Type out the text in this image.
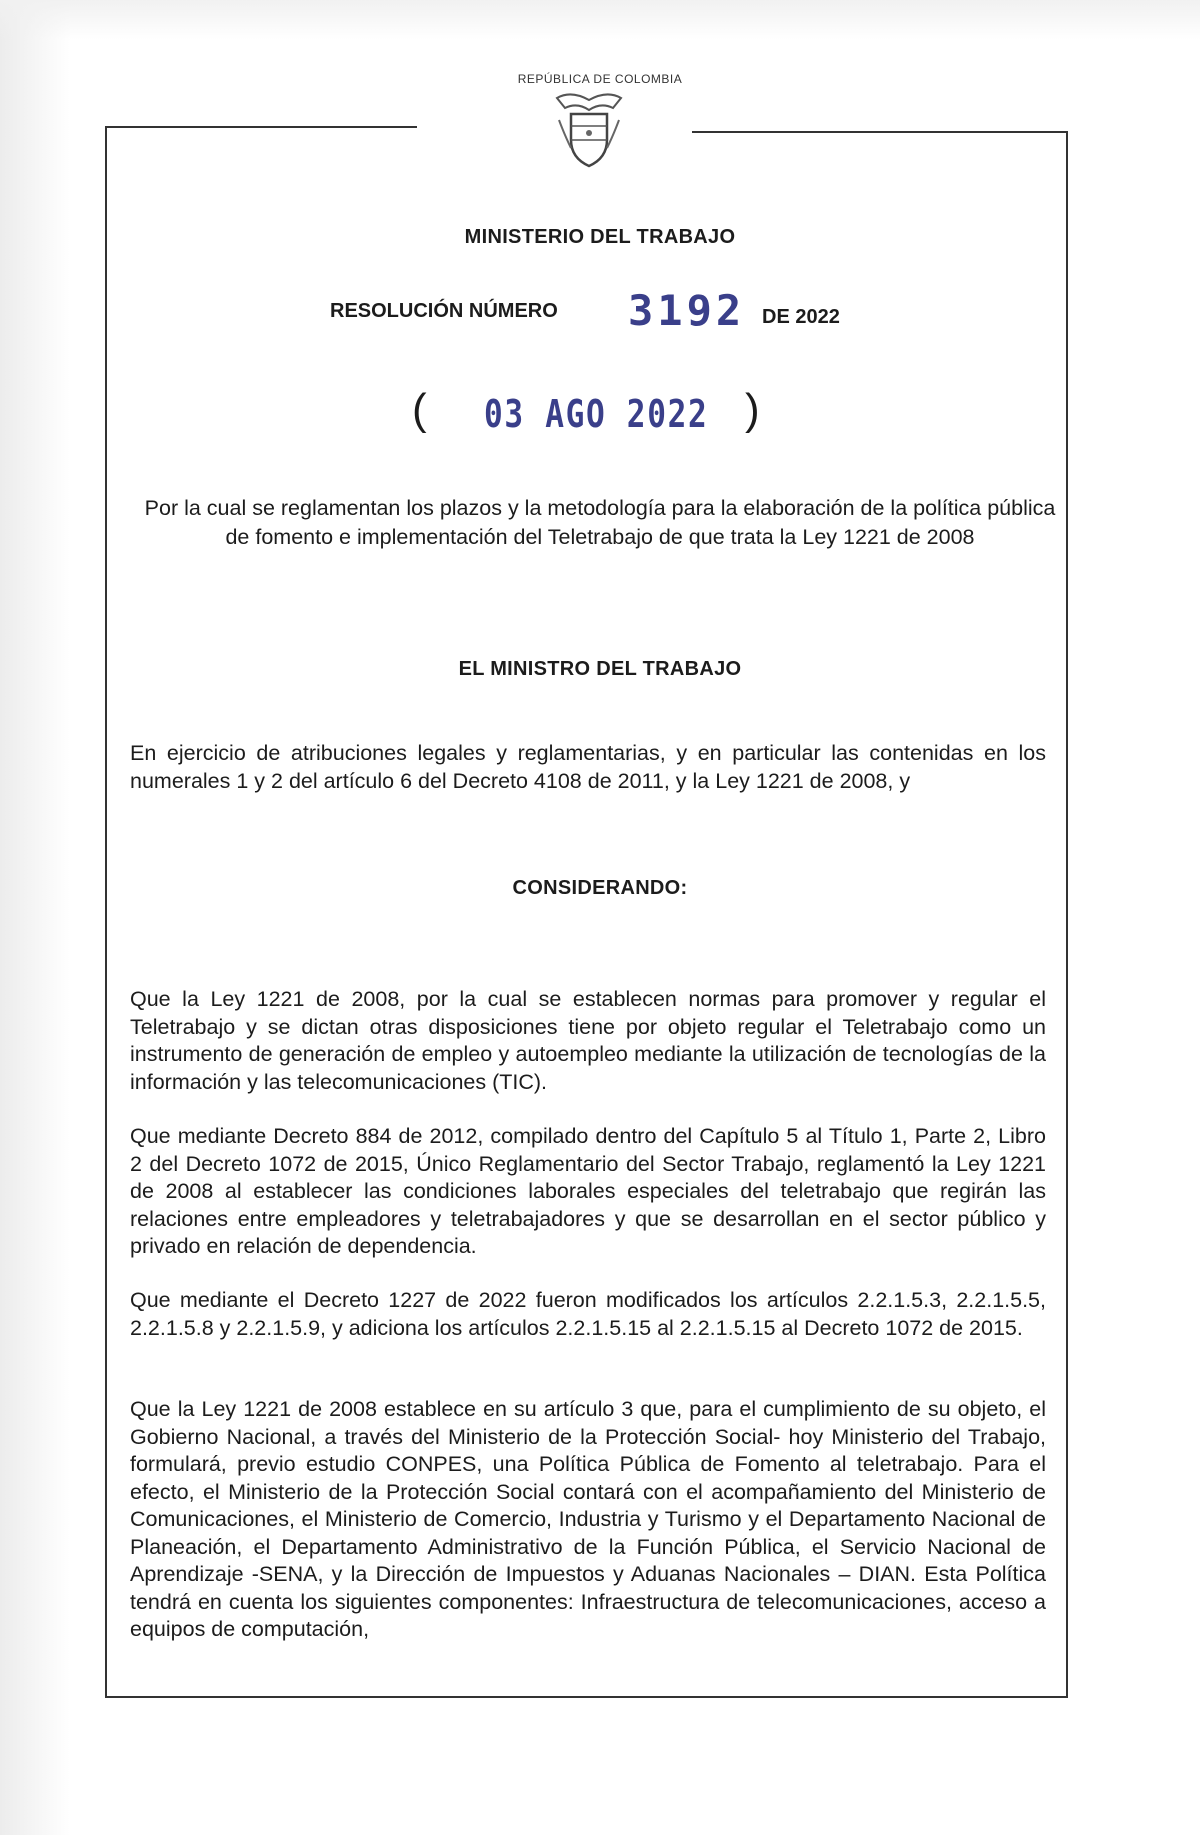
REPÚBLICA DE COLOMBIA
MINISTERIO DEL TRABAJO
RESOLUCIÓN NÚMERO 3192 DE 2022
( 03 AGO 2022 )
Por la cual se reglamentan los plazos y la metodología para la elaboración de la política pública de fomento e implementación del Teletrabajo de que trata la Ley 1221 de 2008
EL MINISTRO DEL TRABAJO
En ejercicio de atribuciones legales y reglamentarias, y en particular las contenidas en los numerales 1 y 2 del artículo 6 del Decreto 4108 de 2011, y la Ley 1221 de 2008, y
CONSIDERANDO:
Que la Ley 1221 de 2008, por la cual se establecen normas para promover y regular el Teletrabajo y se dictan otras disposiciones tiene por objeto regular el Teletrabajo como un instrumento de generación de empleo y autoempleo mediante la utilización de tecnologías de la información y las telecomunicaciones (TIC).
Que mediante Decreto 884 de 2012, compilado dentro del Capítulo 5 al Título 1, Parte 2, Libro 2 del Decreto 1072 de 2015, Único Reglamentario del Sector Trabajo, reglamentó la Ley 1221 de 2008 al establecer las condiciones laborales especiales del teletrabajo que regirán las relaciones entre empleadores y teletrabajadores y que se desarrollan en el sector público y privado en relación de dependencia.
Que mediante el Decreto 1227 de 2022 fueron modificados los artículos 2.2.1.5.3, 2.2.1.5.5, 2.2.1.5.8 y 2.2.1.5.9, y adiciona los artículos 2.2.1.5.15 al 2.2.1.5.15 al Decreto 1072 de 2015.
Que la Ley 1221 de 2008 establece en su artículo 3 que, para el cumplimiento de su objeto, el Gobierno Nacional, a través del Ministerio de la Protección Social- hoy Ministerio del Trabajo, formulará, previo estudio CONPES, una Política Pública de Fomento al teletrabajo. Para el efecto, el Ministerio de la Protección Social contará con el acompañamiento del Ministerio de Comunicaciones, el Ministerio de Comercio, Industria y Turismo y el Departamento Nacional de Planeación, el Departamento Administrativo de la Función Pública, el Servicio Nacional de Aprendizaje -SENA, y la Dirección de Impuestos y Aduanas Nacionales – DIAN. Esta Política tendrá en cuenta los siguientes componentes: Infraestructura de telecomunicaciones, acceso a equipos de computación,
